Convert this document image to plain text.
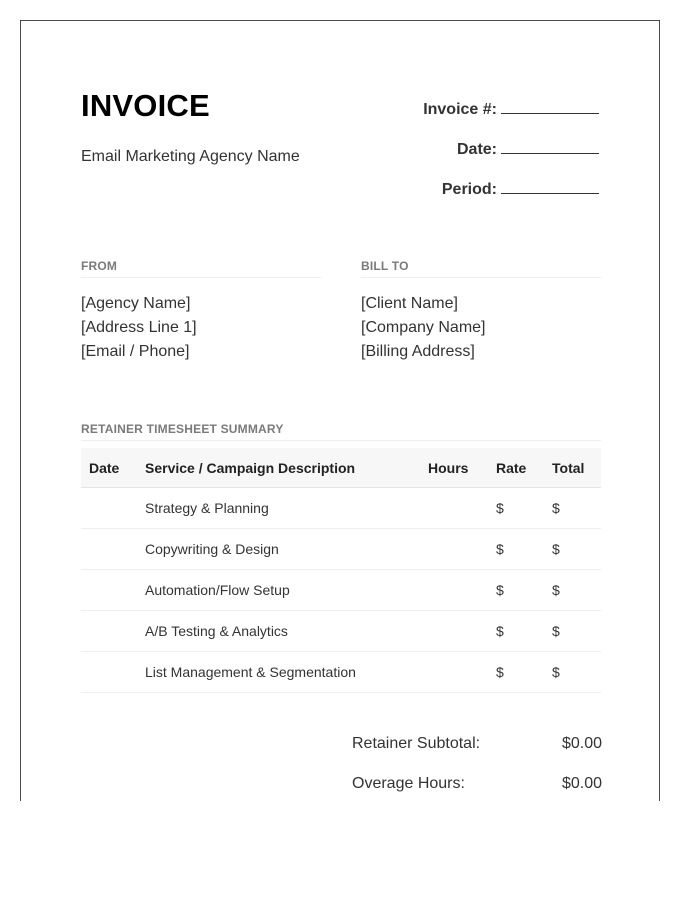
INVOICE
Email Marketing Agency Name
Invoice #:
Date:
Period:
FROM
[Agency Name]
[Address Line 1]
[Email / Phone]
BILL TO
[Client Name]
[Company Name]
[Billing Address]
RETAINER TIMESHEET SUMMARY
Date	Service / Campaign Description	Hours	Rate	Total
	Strategy & Planning		$	$
	Copywriting & Design		$	$
	Automation/Flow Setup		$	$
	A/B Testing & Analytics		$	$
	List Management & Segmentation		$	$
Retainer Subtotal:	$0.00
Overage Hours:	$0.00
